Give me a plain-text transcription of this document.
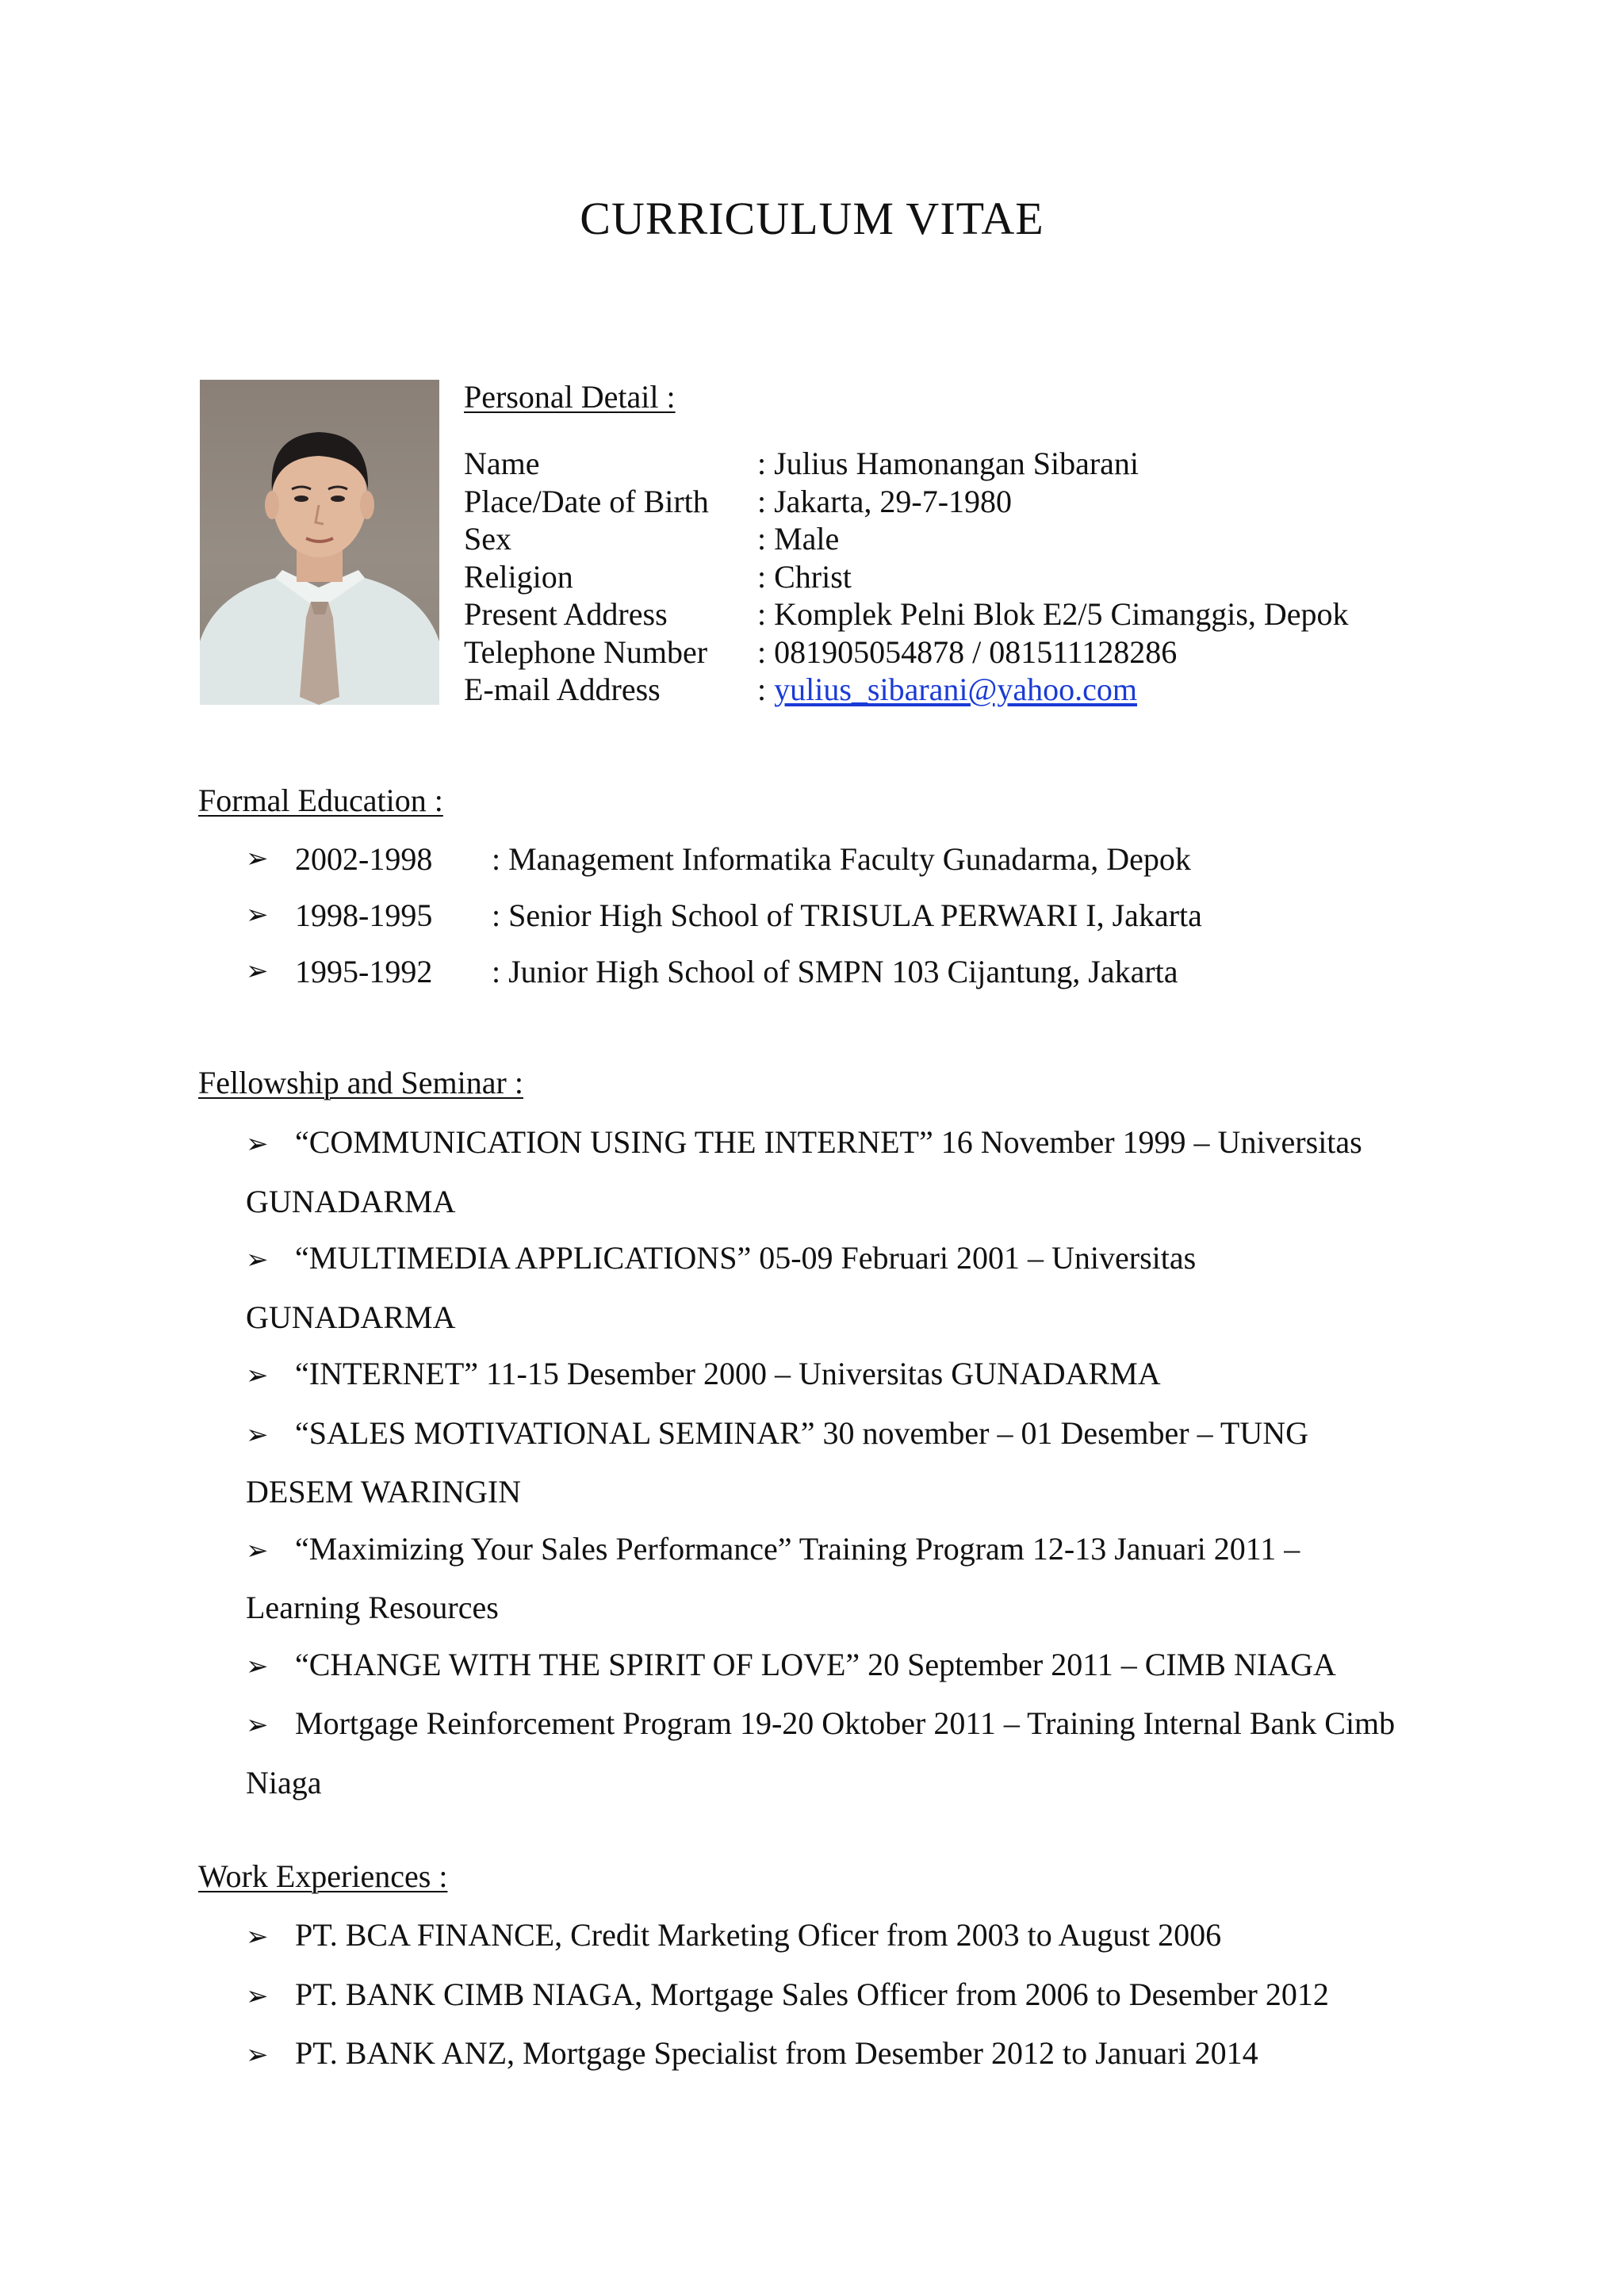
CURRICULUM VITAE
Personal Detail :
Name	: Julius Hamonangan Sibarani
Place/Date of Birth	: Jakarta, 29-7-1980
Sex	: Male
Religion	: Christ
Present Address	: Komplek Pelni Blok E2/5 Cimanggis, Depok
Telephone Number	: 081905054878 / 081511128286
E-mail Address	: yulius_sibarani@yahoo.com
Formal Education :
➢ 2002-1998	: Management Informatika Faculty Gunadarma, Depok
➢ 1998-1995	: Senior High School of TRISULA PERWARI I, Jakarta
➢ 1995-1992	: Junior High School of SMPN 103 Cijantung, Jakarta
Fellowship and Seminar :
➢ “COMMUNICATION USING THE INTERNET” 16 November 1999 – Universitas GUNADARMA
➢ “MULTIMEDIA APPLICATIONS” 05-09 Februari 2001 – Universitas GUNADARMA
➢ “INTERNET” 11-15 Desember 2000 – Universitas GUNADARMA
➢ “SALES MOTIVATIONAL SEMINAR” 30 november – 01 Desember – TUNG DESEM WARINGIN
➢ “Maximizing Your Sales Performance” Training Program 12-13 Januari 2011 – Learning Resources
➢ “CHANGE WITH THE SPIRIT OF LOVE” 20 September 2011 – CIMB NIAGA
➢ Mortgage Reinforcement Program 19-20 Oktober 2011 – Training Internal Bank Cimb Niaga
Work Experiences :
➢ PT. BCA FINANCE, Credit Marketing Oficer from 2003 to August 2006
➢ PT. BANK CIMB NIAGA, Mortgage Sales Officer from 2006 to Desember 2012
➢ PT. BANK ANZ, Mortgage Specialist from Desember 2012 to Januari 2014
